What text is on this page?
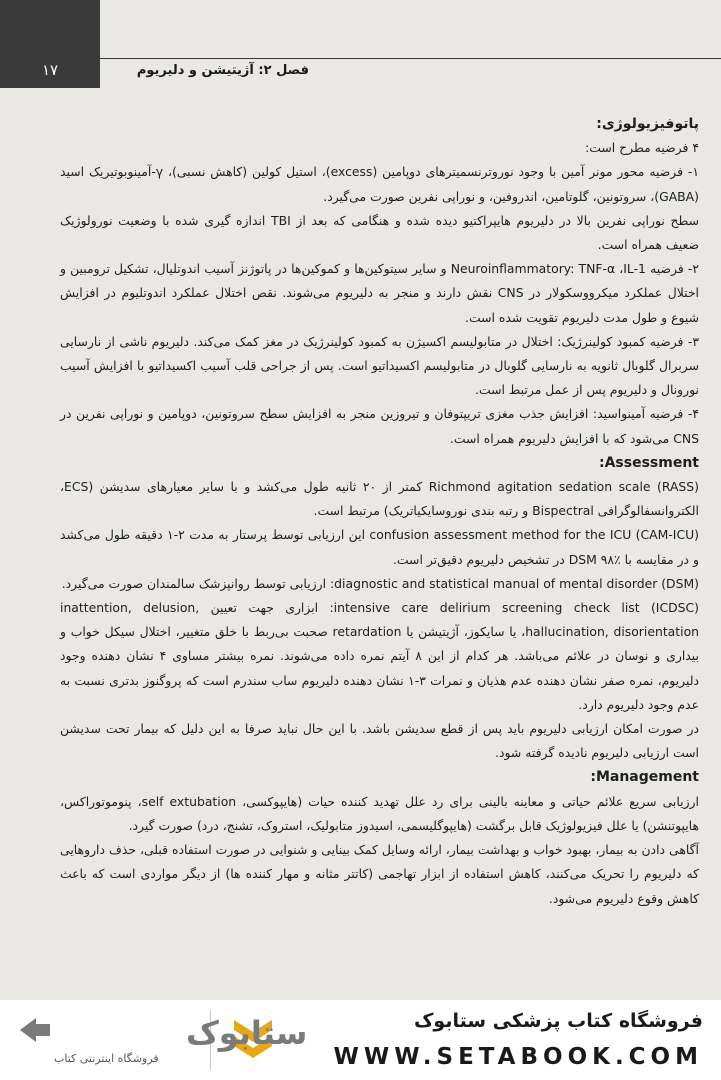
۱۷	فصل ۲: آژیتیشن و دلیریوم

پاتوفیزیولوژی:

۴ فرضیه مطرح است:

۱- فرضیه محور مونر آمین با وجود نوروترنسمیترهای دوپامین (excess)، استیل کولین (کاهش نسبی)، γ-آمینوبوتیریک اسید (GABA)، سروتونین، گلوتامین، اندروفین، و نوراپی نفرین صورت می‌گیرد.

سطح نوراپی نفرین بالا در دلیریوم هایپراکتیو دیده شده و هنگامی که بعد از TBI اندازه گیری شده با وضعیت نورولوژیک ضعیف همراه است.

۲- فرضیه Neuroinflammatory: TNF-α ،IL-1 و سایر سیتوکین‌ها و کموکین‌ها در پاتوژنز آسیب اندوتلیال، تشکیل ترومبین و اختلال عملکرد میکرووسکولار در CNS نقش دارند و منجر به دلیریوم می‌شوند. نقص اختلال عملکرد اندوتلیوم در افزایش شیوع و طول مدت دلیریوم تقویت شده است.

۳- فرضیه کمبود کولینرژیک: اختلال در متابولیسم اکسیژن به کمبود کولینرژیک در مغز کمک می‌کند. دلیریوم ناشی از نارسایی سربرال گلوبال ثانویه به نارسایی گلوبال در متابولیسم اکسیداتیو است. پس از جراحی قلب آسیب اکسیداتیو با افزایش آسیب نورونال و دلیریوم پس از عمل مرتبط است.

۴- فرضیه آمینواسید: افزایش جذب مغزی تریپتوفان و تیروزین منجر به افزایش سطح سروتونین، دوپامین و نوراپی نفرین در CNS می‌شود که با افزایش دلیریوم همراه است.

Assessment:

Richmond agitation sedation scale (RASS) کمتر از ۲۰ ثانیه طول می‌کشد و با سایر معیارهای سدیشن (ECS، الکتروانسفالوگرافی Bispectral و رتبه بندی نوروسایکیاتریک) مرتبط است.

confusion assessment method for the ICU (CAM-ICU) این ارزیابی توسط پرستار به مدت ۲-۱ دقیقه طول می‌کشد و در مقایسه با DSM ۹۸٪ در تشخیص دلیریوم دقیق‌تر است.

diagnostic and statistical manual of mental disorder (DSM): ارزیابی توسط روانپزشک سالمندان صورت می‌گیرد.

intensive care delirium screening check list (ICDSC): ابزاری جهت تعیین inattention, delusion, hallucination, disorientation، یا سایکوز، آژیتیشن یا retardation صحبت بی‌ربط با خلق متغییر، اختلال سیکل خواب و بیداری و نوسان در علائم می‌باشد. هر کدام از این ۸ آیتم نمره داده می‌شوند. نمره بیشتر مساوی ۴ نشان دهنده وجود دلیریوم، نمره صفر نشان دهنده عدم هذیان و نمرات ۳-۱ نشان دهنده دلیریوم ساب سندرم است که پروگنوز بدتری نسبت به عدم وجود دلیریوم دارد.

در صورت امکان ارزیابی دلیریوم باید پس از قطع سدیشن باشد. با این حال نباید صرفا به این دلیل که بیمار تحت سدیشن است ارزیابی دلیریوم نادیده گرفته شود.

Management:

ارزیابی سریع علائم حیاتی و معاینه بالینی برای رد علل تهدید کننده حیات (هایپوکسی، self extubation، پنوموتوراکس، هایپوتنشن) یا علل فیزیولوژیک قابل برگشت (هایپوگلیسمی، اسیدوز متابولیک، استروک، تشنج، درد) صورت گیرد.

آگاهی دادن به بیمار، بهبود خواب و بهداشت بیمار، ارائه وسایل کمک بینایی و شنوایی در صورت استفاده قبلی، حذف داروهایی که دلیریوم را تحریک می‌کنند، کاهش استفاده از ابزار تهاجمی (کاتتر مثانه و مهار کننده ها) از دیگر مواردی است که باعث کاهش وقوع دلیریوم می‌شود.

فروشگاه کتاب پزشکی ستابوک
WWW.SETABOOK.COM
ستابوک
فروشگاه اینترنتی کتاب
